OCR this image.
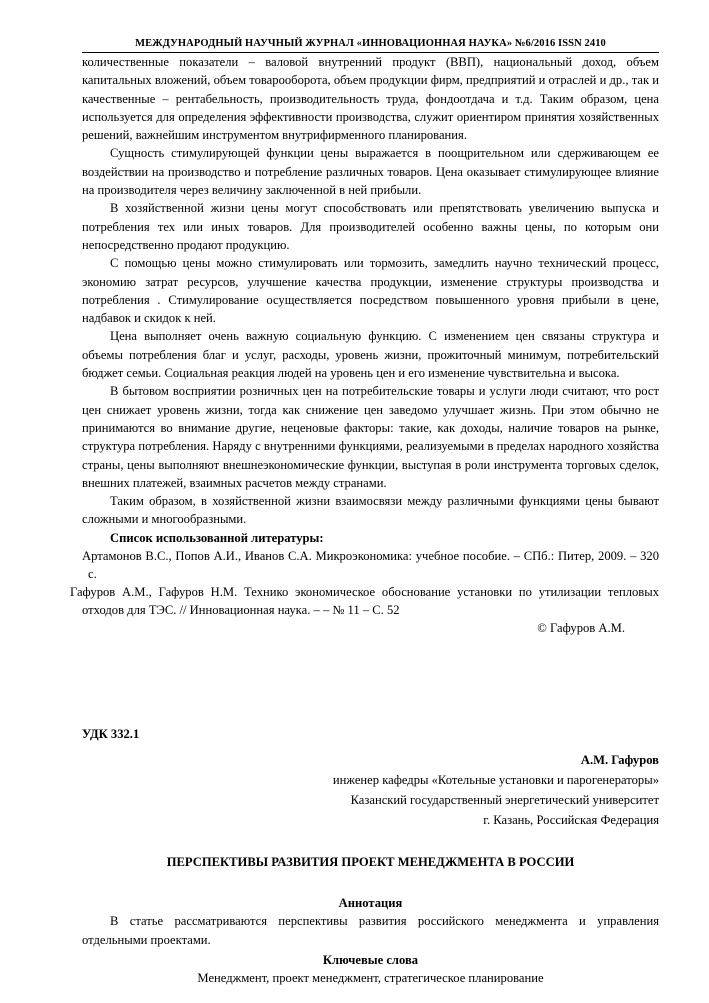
МЕЖДУНАРОДНЫЙ НАУЧНЫЙ ЖУРНАЛ «ИННОВАЦИОННАЯ НАУКА» №6/2016 ISSN 2410

количественные показатели – валовой внутренний продукт (ВВП), национальный доход, объем капитальных вложений, объем товарооборота, объем продукции фирм, предприятий и отраслей и др., так и качественные – рентабельность, производительность труда, фондоотдача и т.д. Таким образом, цена используется для определения эффективности производства, служит ориентиром принятия хозяйственных решений, важнейшим инструментом внутрифирменного планирования.

Сущность стимулирующей функции цены выражается в поощрительном или сдерживающем ее воздействии на производство и потребление различных товаров. Цена оказывает стимулирующее влияние на производителя через величину заключенной в ней прибыли.

В хозяйственной жизни цены могут способствовать или препятствовать увеличению выпуска и потребления тех или иных товаров. Для производителей особенно важны цены, по которым они непосредственно продают продукцию.

С помощью цены можно стимулировать или тормозить, замедлить научно технический процесс, экономию затрат ресурсов, улучшение качества продукции, изменение структуры производства и потребления . Стимулирование осуществляется посредством повышенного уровня прибыли в цене, надбавок и скидок к ней.

Цена выполняет очень важную социальную функцию. С изменением цен связаны структура и объемы потребления благ и услуг, расходы, уровень жизни, прожиточный минимум, потребительский бюджет семьи. Социальная реакция людей на уровень цен и его изменение чувствительна и высока.

В бытовом восприятии розничных цен на потребительские товары и услуги люди считают, что рост цен снижает уровень жизни, тогда как снижение цен заведомо улучшает жизнь. При этом обычно не принимаются во внимание другие, неценовые факторы: такие, как доходы, наличие товаров на рынке, структура потребления. Наряду с внутренними функциями, реализуемыми в пределах народного хозяйства страны, цены выполняют внешнеэкономические функции, выступая в роли инструмента торговых сделок, внешних платежей, взаимных расчетов между странами.

Таким образом, в хозяйственной жизни взаимосвязи между различными функциями цены бывают сложными и многообразными.

Список использованной литературы:

Артамонов В.С., Попов А.И., Иванов С.А. Микроэкономика: учебное пособие. – СПб.: Питер, 2009. – 320 с.

Гафуров А.М., Гафуров Н.М. Технико экономическое обоснование установки по утилизации тепловых отходов для ТЭС. // Инновационная наука. – – № 11 – С. 52

© Гафуров А.М.

УДК 332.1

А.М. Гафуров

инженер кафедры «Котельные установки и парогенераторы»

Казанский государственный энергетический университет

г. Казань, Российская Федерация

ПЕРСПЕКТИВЫ РАЗВИТИЯ ПРОЕКТ МЕНЕДЖМЕНТА В РОССИИ

Аннотация

В статье рассматриваются перспективы развития российского менеджмента и управления отдельными проектами.

Ключевые слова

Менеджмент, проект менеджмент, стратегическое планирование
